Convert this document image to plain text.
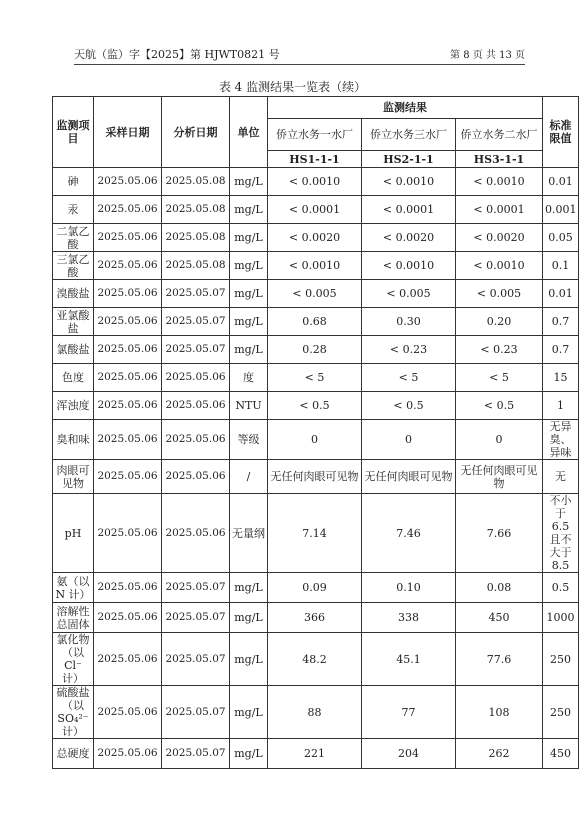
天航（监）字【2025】第 HJWT0821 号	第 8 页 共 13 页
表 4 监测结果一览表（续）
监测项目	采样日期	分析日期	单位	监测结果			标准限值
				侨立水务一水厂	侨立水务三水厂	侨立水务二水厂	
				HS1-1-1	HS2-1-1	HS3-1-1	
砷	2025.05.06	2025.05.08	mg/L	< 0.0010	< 0.0010	< 0.0010	0.01
汞	2025.05.06	2025.05.08	mg/L	< 0.0001	< 0.0001	< 0.0001	0.001
二氯乙酸	2025.05.06	2025.05.08	mg/L	< 0.0020	< 0.0020	< 0.0020	0.05
三氯乙酸	2025.05.06	2025.05.08	mg/L	< 0.0010	< 0.0010	< 0.0010	0.1
溴酸盐	2025.05.06	2025.05.07	mg/L	< 0.005	< 0.005	< 0.005	0.01
亚氯酸盐	2025.05.06	2025.05.07	mg/L	0.68	0.30	0.20	0.7
氯酸盐	2025.05.06	2025.05.07	mg/L	0.28	< 0.23	< 0.23	0.7
色度	2025.05.06	2025.05.06	度	< 5	< 5	< 5	15
浑浊度	2025.05.06	2025.05.06	NTU	< 0.5	< 0.5	< 0.5	1
臭和味	2025.05.06	2025.05.06	等级	0	0	0	无异臭、异味
肉眼可见物	2025.05.06	2025.05.06	/	无任何肉眼可见物	无任何肉眼可见物	无任何肉眼可见物	无
pH	2025.05.06	2025.05.06	无量纲	7.14	7.46	7.66	不小于 6.5 且不大于 8.5
氨（以 N 计）	2025.05.06	2025.05.07	mg/L	0.09	0.10	0.08	0.5
溶解性总固体	2025.05.06	2025.05.07	mg/L	366	338	450	1000
氯化物（以 Cl⁻ 计）	2025.05.06	2025.05.07	mg/L	48.2	45.1	77.6	250
硫酸盐（以 SO₄²⁻ 计）	2025.05.06	2025.05.07	mg/L	88	77	108	250
总硬度	2025.05.06	2025.05.07	mg/L	221	204	262	450
